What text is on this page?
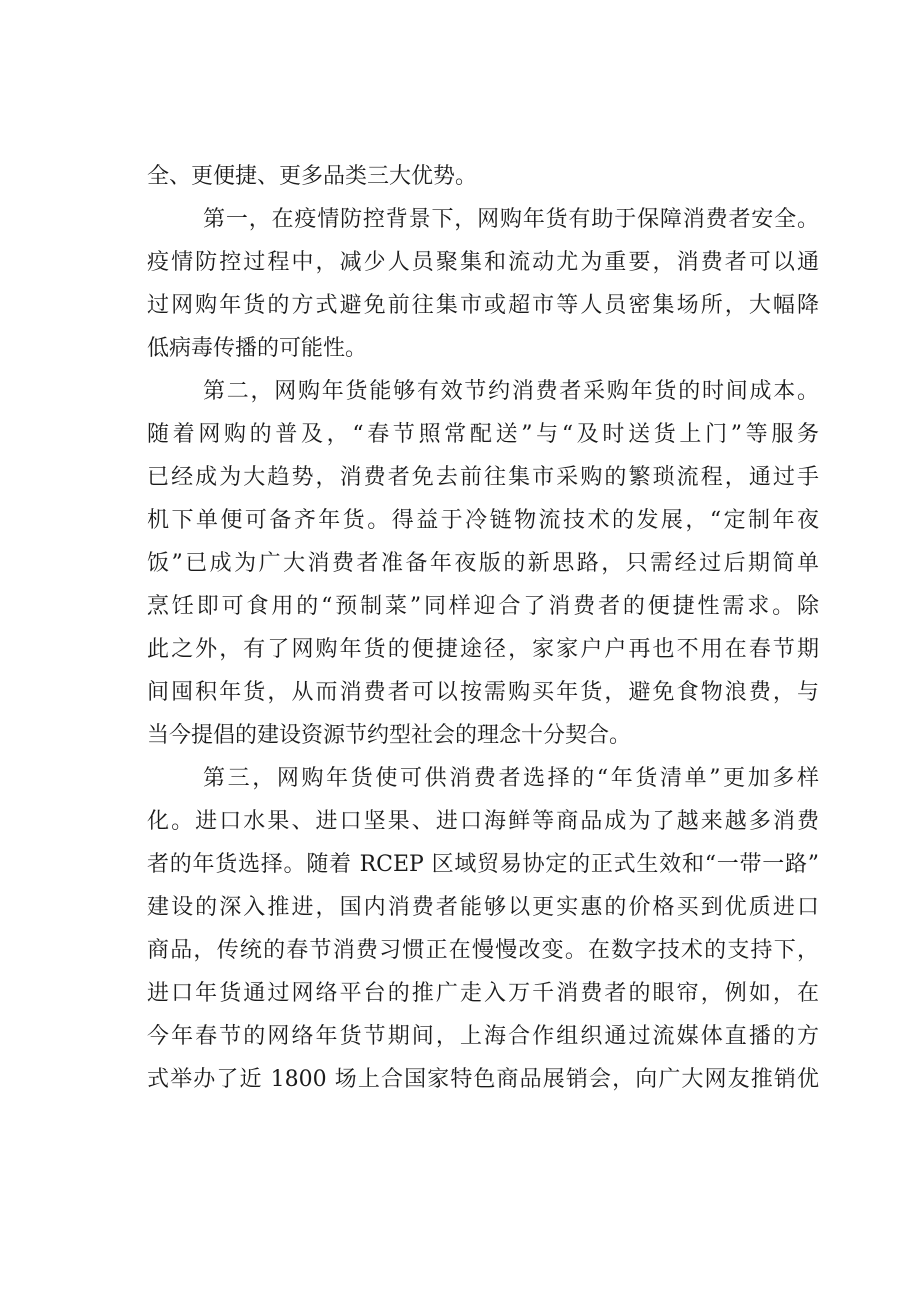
全、更便捷、更多品类三大优势。
第一，在疫情防控背景下，网购年货有助于保障消费者安全。
疫情防控过程中，减少人员聚集和流动尤为重要，消费者可以通
过网购年货的方式避免前往集市或超市等人员密集场所，大幅降
低病毒传播的可能性。
第二，网购年货能够有效节约消费者采购年货的时间成本。
随着网购的普及，“春节照常配送”与“及时送货上门”等服务
已经成为大趋势，消费者免去前往集市采购的繁琐流程，通过手
机下单便可备齐年货。得益于冷链物流技术的发展，“定制年夜
饭”已成为广大消费者准备年夜版的新思路，只需经过后期简单
烹饪即可食用的“预制菜”同样迎合了消费者的便捷性需求。除
此之外，有了网购年货的便捷途径，家家户户再也不用在春节期
间囤积年货，从而消费者可以按需购买年货，避免食物浪费，与
当今提倡的建设资源节约型社会的理念十分契合。
第三，网购年货使可供消费者选择的“年货清单”更加多样
化。进口水果、进口坚果、进口海鲜等商品成为了越来越多消费
者的年货选择。随着 RCEP 区域贸易协定的正式生效和“一带一路”
建设的深入推进，国内消费者能够以更实惠的价格买到优质进口
商品，传统的春节消费习惯正在慢慢改变。在数字技术的支持下，
进口年货通过网络平台的推广走入万千消费者的眼帘，例如，在
今年春节的网络年货节期间，上海合作组织通过流媒体直播的方
式举办了近 1800 场上合国家特色商品展销会，向广大网友推销优
